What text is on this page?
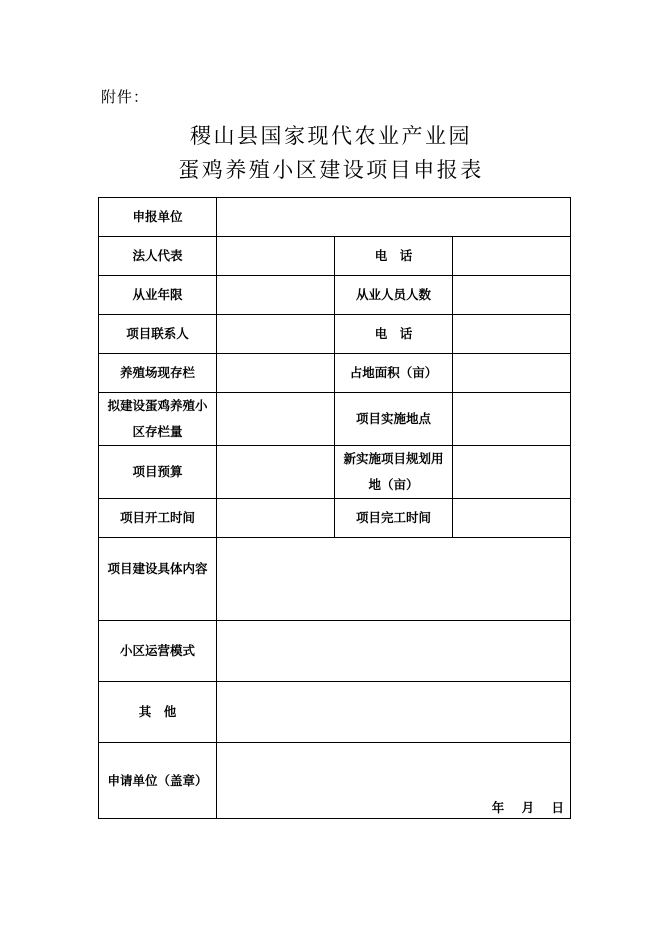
附件：
稷山县国家现代农业产业园
蛋鸡养殖小区建设项目申报表
申报单位			
法人代表		电　话	
从业年限		从业人员人数	
项目联系人		电　话	
养殖场现存栏		占地面积（亩）	

拟建设蛋鸡养殖小区存栏量		项目实施地点	
项目预算		新实施项目规划用地（亩）	

项目开工时间		项目完工时间	

项目建设具体内容			

小区运营模式			
其　他			
申请单位（盖章）	年    月    日		
